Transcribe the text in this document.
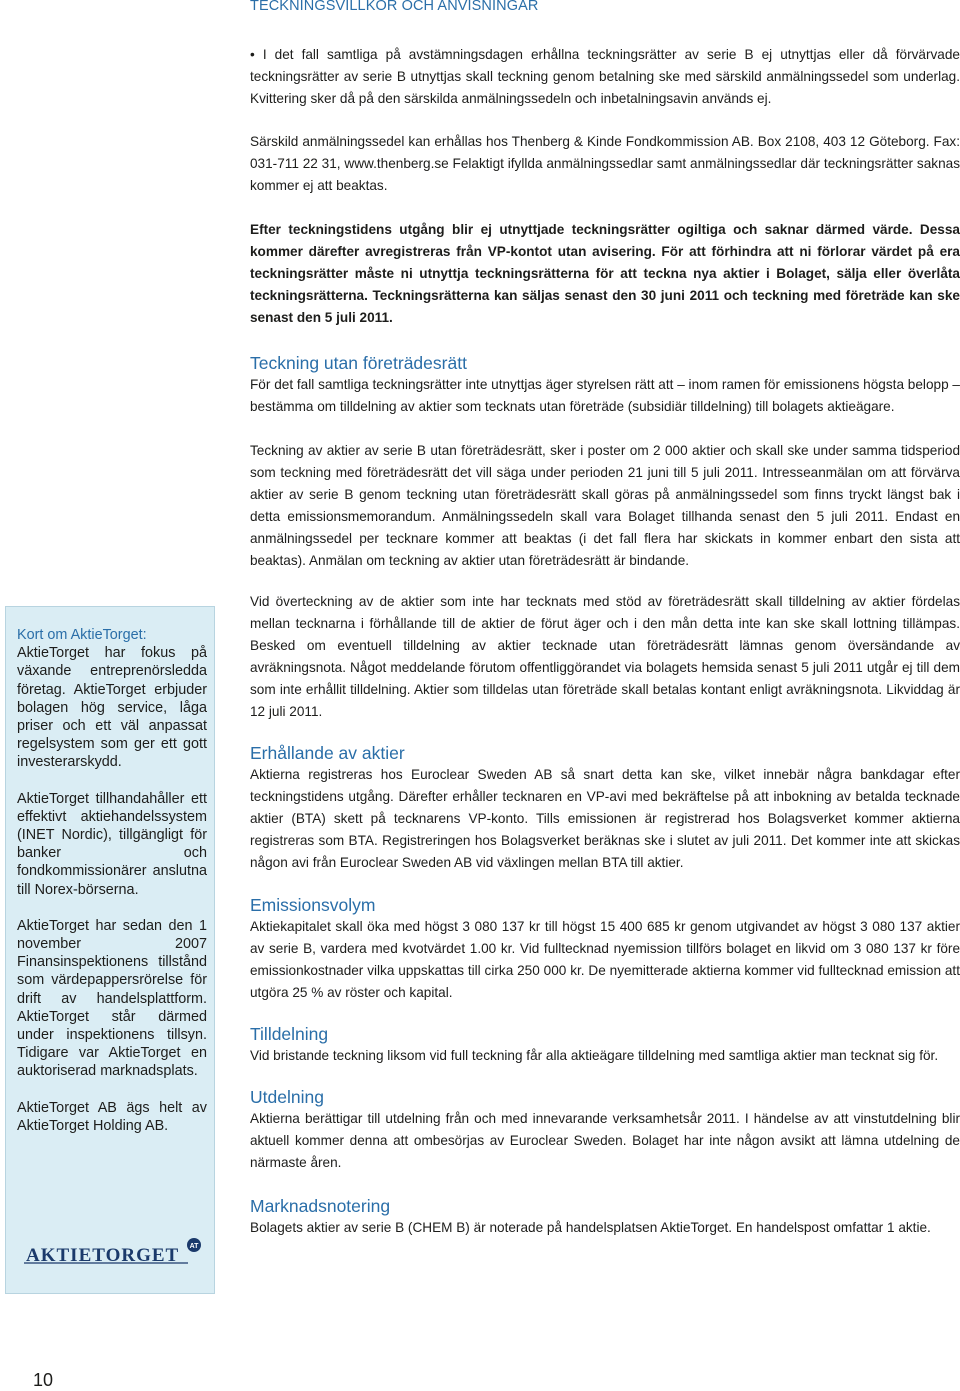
TECKNINGSVILLKOR OCH ANVISNINGAR

• I det fall samtliga på avstämningsdagen erhållna teckningsrätter av serie B ej utnyttjas eller då förvärvade teckningsrätter av serie B utnyttjas skall teckning genom betalning ske med särskild anmälningssedel som underlag. Kvittering sker då på den särskilda anmälningssedeln och inbetalningsavin används ej.

Särskild anmälningssedel kan erhållas hos Thenberg & Kinde Fondkommission AB. Box 2108, 403 12 Göteborg. Fax: 031-711 22 31, www.thenberg.se Felaktigt ifyllda anmälningssedlar samt anmälningssedlar där teckningsrätter saknas kommer ej att beaktas.

Efter teckningstidens utgång blir ej utnyttjade teckningsrätter ogiltiga och saknar därmed värde. Dessa kommer därefter avregistreras från VP-kontot utan avisering. För att förhindra att ni förlorar värdet på era teckningsrätter måste ni utnyttja teckningsrätterna för att teckna nya aktier i Bolaget, sälja eller överlåta teckningsrätterna. Teckningsrätterna kan säljas senast den 30 juni 2011 och teckning med företräde kan ske senast den 5 juli 2011.

Teckning utan företrädesrätt

För det fall samtliga teckningsrätter inte utnyttjas äger styrelsen rätt att – inom ramen för emissionens högsta belopp – bestämma om tilldelning av aktier som tecknats utan företräde (subsidiär tilldelning) till bolagets aktieägare.

Teckning av aktier av serie B utan företrädesrätt, sker i poster om 2 000 aktier och skall ske under samma tidsperiod som teckning med företrädesrätt det vill säga under perioden 21 juni till 5 juli 2011. Intresseanmälan om att förvärva aktier av serie B genom teckning utan företrädesrätt skall göras på anmälningssedel som finns tryckt längst bak i detta emissionsmemorandum. Anmälningssedeln skall vara Bolaget tillhanda senast den 5 juli 2011. Endast en anmälningssedel per tecknare kommer att beaktas (i det fall flera har skickats in kommer enbart den sista att beaktas). Anmälan om teckning av aktier utan företrädesrätt är bindande.

Vid överteckning av de aktier som inte har tecknats med stöd av företrädesrätt skall tilldelning av aktier fördelas mellan tecknarna i förhållande till de aktier de förut äger och i den mån detta inte kan ske skall lottning tillämpas. Besked om eventuell tilldelning av aktier tecknade utan företrädesrätt lämnas genom översändande av avräkningsnota. Något meddelande förutom offentliggörandet via bolagets hemsida senast 5 juli 2011 utgår ej till dem som inte erhållit tilldelning. Aktier som tilldelas utan företräde skall betalas kontant enligt avräkningsnota. Likviddag är 12 juli 2011.

Erhållande av aktier

Aktierna registreras hos Euroclear Sweden AB så snart detta kan ske, vilket innebär några bankdagar efter teckningstidens utgång. Därefter erhåller tecknaren en VP-avi med bekräftelse på att inbokning av betalda tecknade aktier (BTA) skett på tecknarens VP-konto. Tills emissionen är registrerad hos Bolagsverket kommer aktierna registreras som BTA. Registreringen hos Bolagsverket beräknas ske i slutet av juli 2011. Det kommer inte att skickas någon avi från Euroclear Sweden AB vid växlingen mellan BTA till aktier.

Emissionsvolym

Aktiekapitalet skall öka med högst 3 080 137 kr till högst 15 400 685 kr genom utgivandet av högst 3 080 137 aktier av serie B, vardera med kvotvärdet 1.00 kr. Vid fulltecknad nyemission tillförs bolaget en likvid om 3 080 137 kr före emissionkostnader vilka uppskattas till cirka 250 000 kr. De nyemitterade aktierna kommer vid fulltecknad emission att utgöra 25 % av röster och kapital.

Tilldelning

Vid bristande teckning liksom vid full teckning får alla aktieägare tilldelning med samtliga aktier man tecknat sig för.

Utdelning

Aktierna berättigar till utdelning från och med innevarande verksamhetsår 2011. I händelse av att vinstutdelning blir aktuell kommer denna att ombesörjas av Euroclear Sweden. Bolaget har inte någon avsikt att lämna utdelning de närmaste åren.

Marknadsnotering

Bolagets aktier av serie B (CHEM B) är noterade på handelsplatsen AktieTorget. En handelspost omfattar 1 aktie.

Kort om AktieTorget:
AktieTorget har fokus på växande entreprenörsledda företag. AktieTorget erbjuder bolagen hög service, låga priser och ett väl anpassat regelsystem som ger ett gott investerarskydd.

AktieTorget tillhandahåller ett effektivt aktiehandelssystem (INET Nordic), tillgängligt för banker och fondkommissionärer anslutna till Norex-börserna.

AktieTorget har sedan den 1 november 2007 Finansinspektionens tillstånd som värdepappersrörelse för drift av handelsplattform. AktieTorget står därmed under inspektionens tillsyn. Tidigare var AktieTorget en auktoriserad marknadsplats.

AktieTorget AB ägs helt av AktieTorget Holding AB.

AKTIETORGET AT
10
